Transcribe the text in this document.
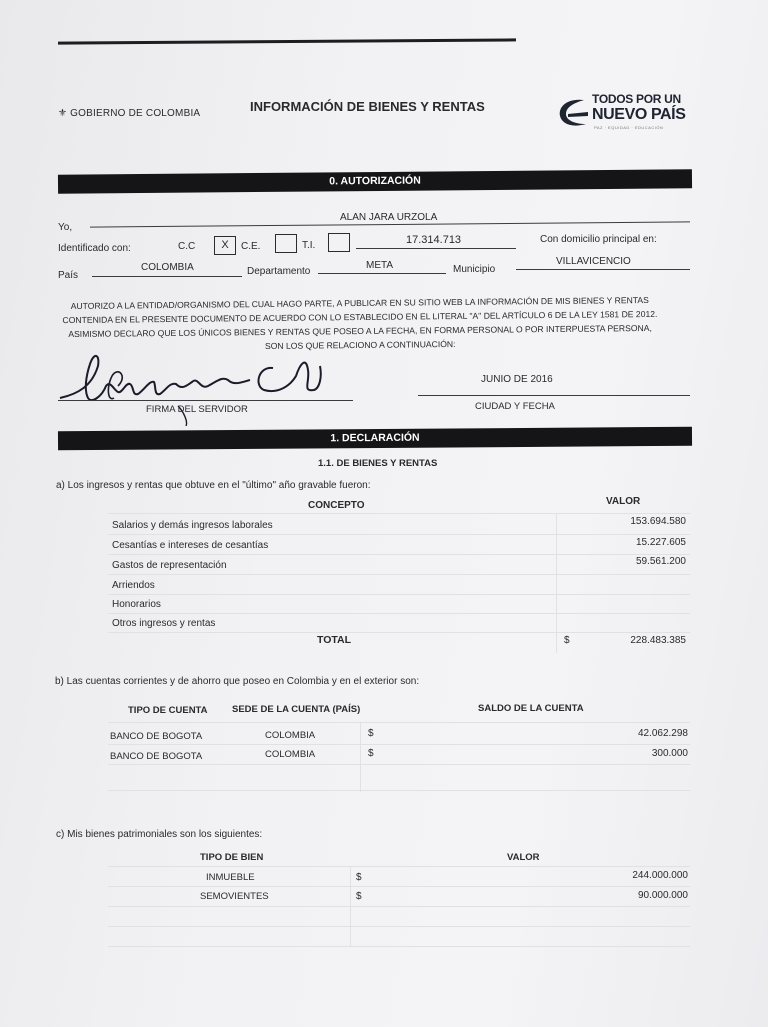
⚜ GOBIERNO DE COLOMBIA	INFORMACIÓN DE BIENES Y RENTAS	TODOS POR UN
NUEVO PAÍS
PAZ · EQUIDAD · EDUCACIÓN
0. AUTORIZACIÓN
Yo,
ALAN JARA URZOLA
Identificado con:	C.C	X	C.E.	T.I.	17.314.713	Con domicilio principal en:
País
COLOMBIA	Departamento
META	Municipio
VILLAVICENCIO
AUTORIZO A LA ENTIDAD/ORGANISMO DEL CUAL HAGO PARTE, A PUBLICAR EN SU SITIO WEB LA INFORMACIÓN DE MIS BIENES Y RENTAS CONTENIDA EN EL PRESENTE DOCUMENTO DE ACUERDO CON LO ESTABLECIDO EN EL LITERAL "A" DEL ARTÍCULO 6 DE LA LEY 1581 DE 2012. ASIMISMO DECLARO QUE LOS ÚNICOS BIENES Y RENTAS QUE POSEO A LA FECHA, EN FORMA PERSONAL O POR INTERPUESTA PERSONA, SON LOS QUE RELACIONO A CONTINUACIÓN:
FIRMA DEL SERVIDOR
JUNIO DE 2016
CIUDAD Y FECHA
1. DECLARACIÓN
1.1. DE BIENES Y RENTAS
a) Los ingresos y rentas que obtuve en el "último" año gravable fueron:
CONCEPTO	VALOR
Salarios y demás ingresos laborales	153.694.580
Cesantías e intereses de cesantías	15.227.605
Gastos de representación	59.561.200
Arriendos
Honorarios
Otros ingresos y rentas
TOTAL	$	228.483.385
b) Las cuentas corrientes y de ahorro que poseo en Colombia y en el exterior son:
TIPO DE CUENTA	SEDE DE LA CUENTA (PAÍS)	SALDO DE LA CUENTA
BANCO DE BOGOTA	COLOMBIA	$	42.062.298
BANCO DE BOGOTA	COLOMBIA	$	300.000
c) Mis bienes patrimoniales son los siguientes:
TIPO DE BIEN	VALOR
INMUEBLE	$	244.000.000
SEMOVIENTES	$	90.000.000
